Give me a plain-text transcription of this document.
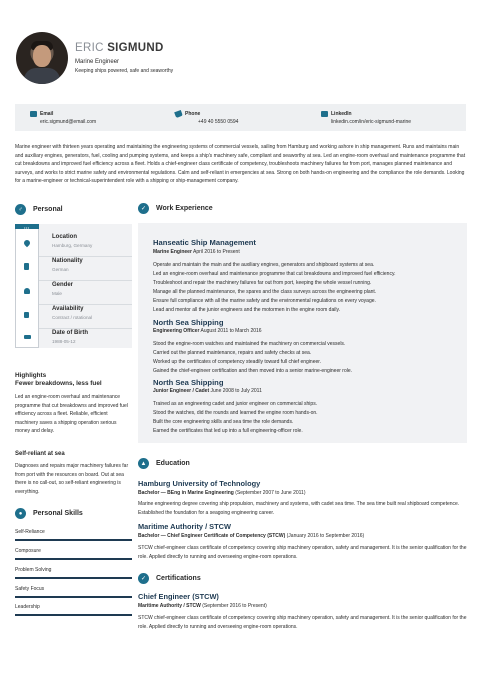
ERIC SIGMUND
Marine Engineer
Keeping ships powered, safe and seaworthy
Email
eric.sigmund@email.com
Phone
+49 40 5550 0594
LinkedIn
linkedin.com/in/eric-sigmund-marine
Marine engineer with thirteen years operating and maintaining the engineering systems of commercial vessels, sailing from Hamburg and working ashore in ship management. Runs and maintains main and auxiliary engines, generators, fuel, cooling and pumping systems, and keeps a ship's machinery safe, compliant and seaworthy at sea. Led an engine-room overhaul and maintenance programme that cut breakdowns and improved fuel efficiency across a fleet. Holds a chief-engineer class certificate of competency, troubleshoots machinery failures far from port, manages planned maintenance and surveys, and works to strict marine safety and environmental regulations. Calm and self-reliant in emergencies at sea. Strong on both hands-on engineering and the compliance the role demands. Looking for a marine-engineer or technical-superintendent role with a shipping or ship-management company.
♂	Personal
•••
Location
Hamburg, Germany
Nationality
German
Gender
Male
Availability
Contract / rotational
Date of Birth
1988-05-12
Highlights
Fewer breakdowns, less fuel
Led an engine-room overhaul and maintenance programme that cut breakdowns and improved fuel efficiency across a fleet. Reliable, efficient machinery saves a shipping operation serious money and delay.
Self-reliant at sea
Diagnoses and repairs major machinery failures far from port with the resources on board. Out at sea there is no call-out, so self-reliant engineering is everything.
●	Personal Skills
Self-Reliance
Composure
Problem Solving
Safety Focus
Leadership
✓	Work Experience
Hanseatic Ship Management
Marine Engineer April 2016 to Present
Operate and maintain the main and the auxiliary engines, generators and shipboard systems at sea.
Led an engine-room overhaul and maintenance programme that cut breakdowns and improved fuel efficiency.
Troubleshoot and repair the machinery failures far out from port, keeping the whole vessel running.
Manage all the planned maintenance, the spares and the class surveys across the engineering plant.
Ensure full compliance with all the marine safety and the environmental regulations on every voyage.
Lead and mentor all the junior engineers and the motormen in the engine room daily.
North Sea Shipping
Engineering Officer August 2011 to March 2016
Stood the engine-room watches and maintained the machinery on commercial vessels.
Carried out the planned maintenance, repairs and safety checks at sea.
Worked up the certificates of competency steadily toward full chief engineer.
Gained the chief-engineer certification and then moved into a senior marine-engineer role.
North Sea Shipping
Junior Engineer / Cadet June 2008 to July 2011
Trained as an engineering cadet and junior engineer on commercial ships.
Stood the watches, did the rounds and learned the engine room hands-on.
Built the core engineering skills and sea time the role demands.
Earned the certificates that led up into a full engineering-officer role.
▲	Education
Hamburg University of Technology
Bachelor — BEng in Marine Engineering (September 2007 to June 2011)
Marine engineering degree covering ship propulsion, machinery and systems, with cadet sea time. The sea time built real shipboard competence. Established the foundation for a seagoing engineering career.
Maritime Authority / STCW
Bachelor — Chief Engineer Certificate of Competency (STCW) (January 2016 to September 2016)
STCW chief-engineer class certificate of competency covering ship machinery operation, safety and management. It is the senior qualification for the role. Applied directly to running and overseeing engine-room operations.
✓	Certifications
Chief Engineer (STCW)
Maritime Authority / STCW (September 2016 to Present)
STCW chief-engineer class certificate of competency covering ship machinery operation, safety and management. It is the senior qualification for the role. Applied directly to running and overseeing engine-room operations.
